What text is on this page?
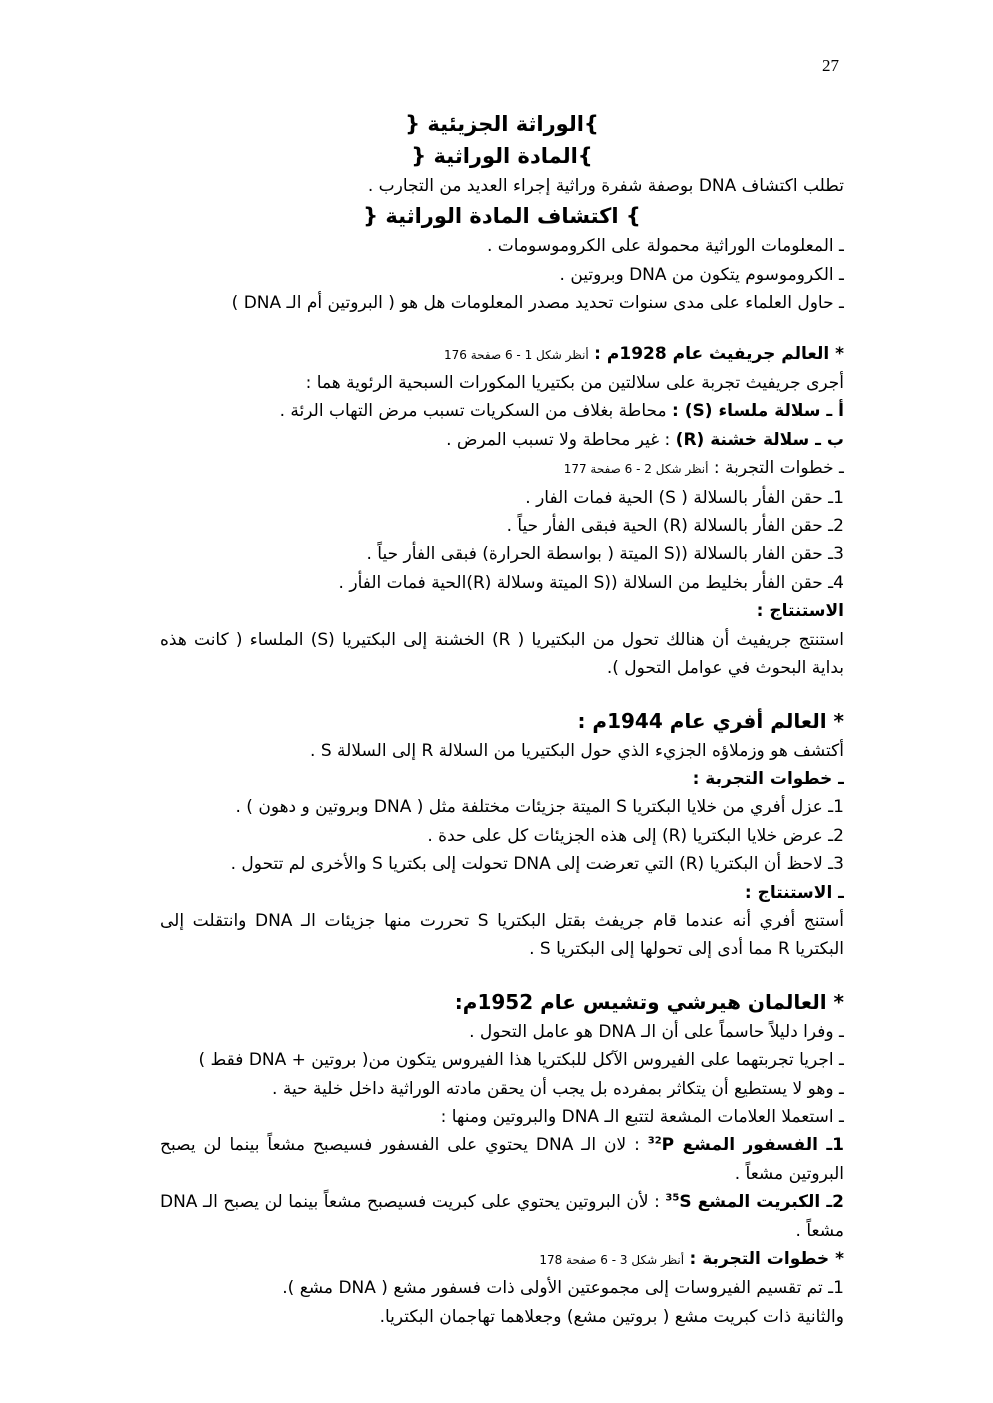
27
}الوراثة الجزيئية {
}المادة الوراثية {
تطلب اكتشاف DNA بوصفة شفرة وراثية إجراء العديد من التجارب .
} اكتشاف المادة الوراثية {
ـ المعلومات الوراثية محمولة على الكروموسومات .
ـ الكروموسوم يتكون من DNA وبروتين .
ـ حاول العلماء على مدى سنوات تحديد مصدر المعلومات هل هو ( البروتين أم الـ DNA )
* العالم جريفيث عام 1928م : أنظر شكل 1 - 6 صفحة 176
أجرى جريفيث تجربة على سلالتين من بكتيريا المكورات السبحية الرئوية هما :
أ ـ سلالة ملساء (S) : محاطة بغلاف من السكريات تسبب مرض التهاب الرئة .
ب ـ سلالة خشنة (R) : غير محاطة ولا تسبب المرض .
ـ خطوات التجربة : أنظر شكل 2 - 6 صفحة 177
1ـ حقن الفأر بالسلالة ( S) الحية فمات الفار .
2ـ حقن الفأر بالسلالة (R) الحية فبقى الفأر حياً .
3ـ حقن الفار بالسلالة ((S الميتة ( بواسطة الحرارة) فبقى الفأر حياً .
4ـ حقن الفأر بخليط من السلالة ((S الميتة وسلالة (R)الحية فمات الفأر .
الاستنتاج :
استنتج جريفيث أن هنالك تحول من البكتيريا ( R) الخشنة إلى البكتيريا (S) الملساء ( كانت هذه بداية البحوث في عوامل التحول ).
* العالم أفري عام 1944م :
أكتشف هو وزملاؤه الجزيء الذي حول البكتيريا من السلالة R إلى السلالة S .
ـ خطوات التجربة :
1ـ عزل أفري من خلايا البكتريا S الميتة جزيئات مختلفة مثل ( DNA وبروتين و دهون ) .
2ـ عرض خلايا البكتريا (R) إلى هذه الجزيئات كل على حدة .
3ـ لاحظ أن البكتريا (R) التي تعرضت إلى DNA تحولت إلى بكتريا S والأخرى لم تتحول .
ـ الاستنتاج :
أستنج أفري أنه عندما قام جريفث بقتل البكتريا S تحررت منها جزيئات الـ DNA وانتقلت إلى البكتريا R مما أدى إلى تحولها إلى البكتريا S .
* العالمان هيرشي وتشيس عام 1952م:
ـ وفرا دليلاً حاسماً على أن الـ DNA هو عامل التحول .
ـ اجريا تجربتهما على الفيروس الآكل للبكتريا هذا الفيروس يتكون من( بروتين + DNA فقط )
ـ وهو لا يستطيع أن يتكاثر بمفرده بل يجب أن يحقن مادته الوراثية داخل خلية حية .
ـ استعملا العلامات المشعة لتتبع الـ DNA والبروتين ومنها :
1ـ الفسفور المشع $^{32}$P : لان الـ DNA يحتوي على الفسفور فسيصبح مشعاً بينما لن يصبح البروتين مشعاً .
2ـ الكبريت المشع $^{35}$S : لأن البروتين يحتوي على كبريت فسيصبح مشعاً بينما لن يصبح الـ DNA مشعاً .
* خطوات التجربة : أنظر شكل 3 - 6 صفحة 178
1ـ تم تقسيم الفيروسات إلى مجموعتين الأولى ذات فسفور مشع ( DNA مشع ).
والثانية ذات كبريت مشع ( بروتين مشع) وجعلاهما تهاجمان البكتريا.
